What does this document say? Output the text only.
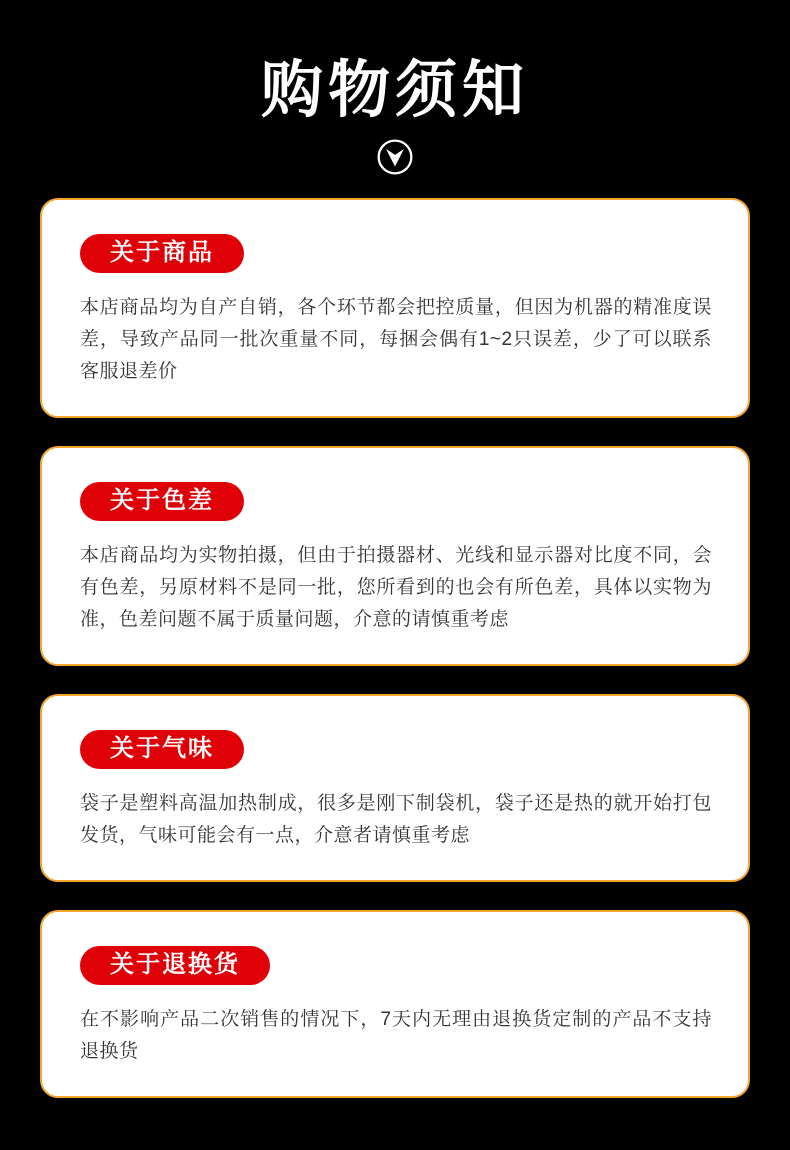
购物须知
关于商品
本店商品均为自产自销，各个环节都会把控质量，但因为机器的精准度误差，导致产品同一批次重量不同，每捆会偶有1~2只误差，少了可以联系客服退差价
关于色差
本店商品均为实物拍摄，但由于拍摄器材、光线和显示器对比度不同，会有色差，另原材料不是同一批，您所看到的也会有所色差，具体以实物为准，色差问题不属于质量问题，介意的请慎重考虑
关于气味
袋子是塑料高温加热制成，很多是刚下制袋机，袋子还是热的就开始打包发货，气味可能会有一点，介意者请慎重考虑
关于退换货
在不影响产品二次销售的情况下，7天内无理由退换货定制的产品不支持退换货
